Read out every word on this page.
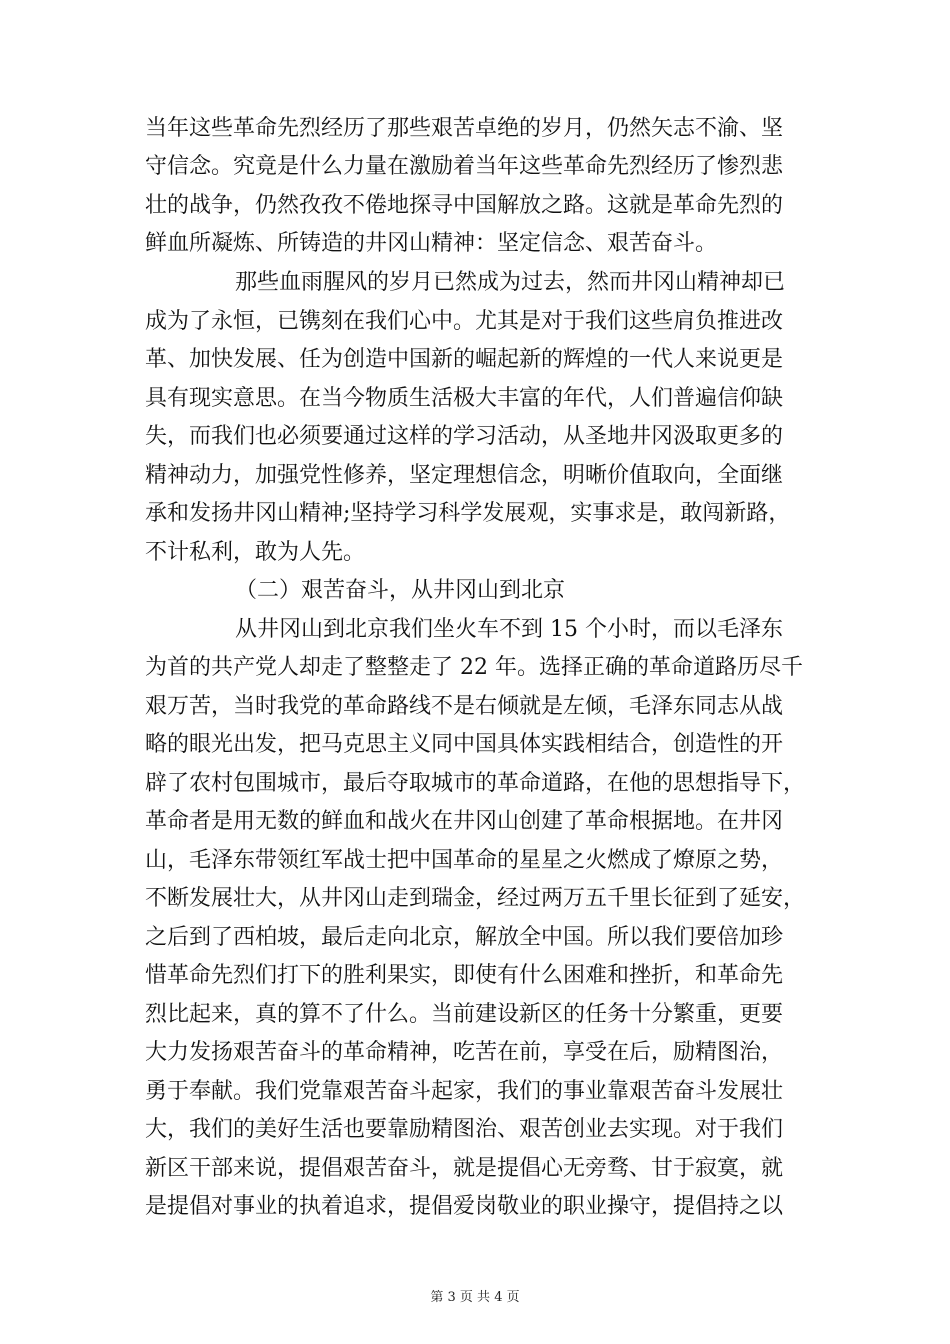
当年这些革命先烈经历了那些艰苦卓绝的岁月，仍然矢志不渝、坚
守信念。究竟是什么力量在激励着当年这些革命先烈经历了惨烈悲
壮的战争，仍然孜孜不倦地探寻中国解放之路。这就是革命先烈的
鲜血所凝炼、所铸造的井冈山精神：坚定信念、艰苦奋斗。
那些血雨腥风的岁月已然成为过去，然而井冈山精神却已
成为了永恒，已镌刻在我们心中。尤其是对于我们这些肩负推进改
革、加快发展、任为创造中国新的崛起新的辉煌的一代人来说更是
具有现实意思。在当今物质生活极大丰富的年代，人们普遍信仰缺
失，而我们也必须要通过这样的学习活动，从圣地井冈汲取更多的
精神动力，加强党性修养，坚定理想信念，明晰价值取向，全面继
承和发扬井冈山精神;坚持学习科学发展观，实事求是，敢闯新路，
不计私利，敢为人先。
（二）艰苦奋斗，从井冈山到北京
从井冈山到北京我们坐火车不到 15 个小时，而以毛泽东
为首的共产党人却走了整整走了 22 年。选择正确的革命道路历尽千
艰万苦，当时我党的革命路线不是右倾就是左倾，毛泽东同志从战
略的眼光出发，把马克思主义同中国具体实践相结合，创造性的开
辟了农村包围城市，最后夺取城市的革命道路，在他的思想指导下，
革命者是用无数的鲜血和战火在井冈山创建了革命根据地。在井冈
山，毛泽东带领红军战士把中国革命的星星之火燃成了燎原之势，
不断发展壮大，从井冈山走到瑞金，经过两万五千里长征到了延安，
之后到了西柏坡，最后走向北京，解放全中国。所以我们要倍加珍
惜革命先烈们打下的胜利果实，即使有什么困难和挫折，和革命先
烈比起来，真的算不了什么。当前建设新区的任务十分繁重，更要
大力发扬艰苦奋斗的革命精神，吃苦在前，享受在后，励精图治，
勇于奉献。我们党靠艰苦奋斗起家，我们的事业靠艰苦奋斗发展壮
大，我们的美好生活也要靠励精图治、艰苦创业去实现。对于我们
新区干部来说，提倡艰苦奋斗，就是提倡心无旁骛、甘于寂寞，就
是提倡对事业的执着追求，提倡爱岗敬业的职业操守，提倡持之以
第 3 页 共 4 页
